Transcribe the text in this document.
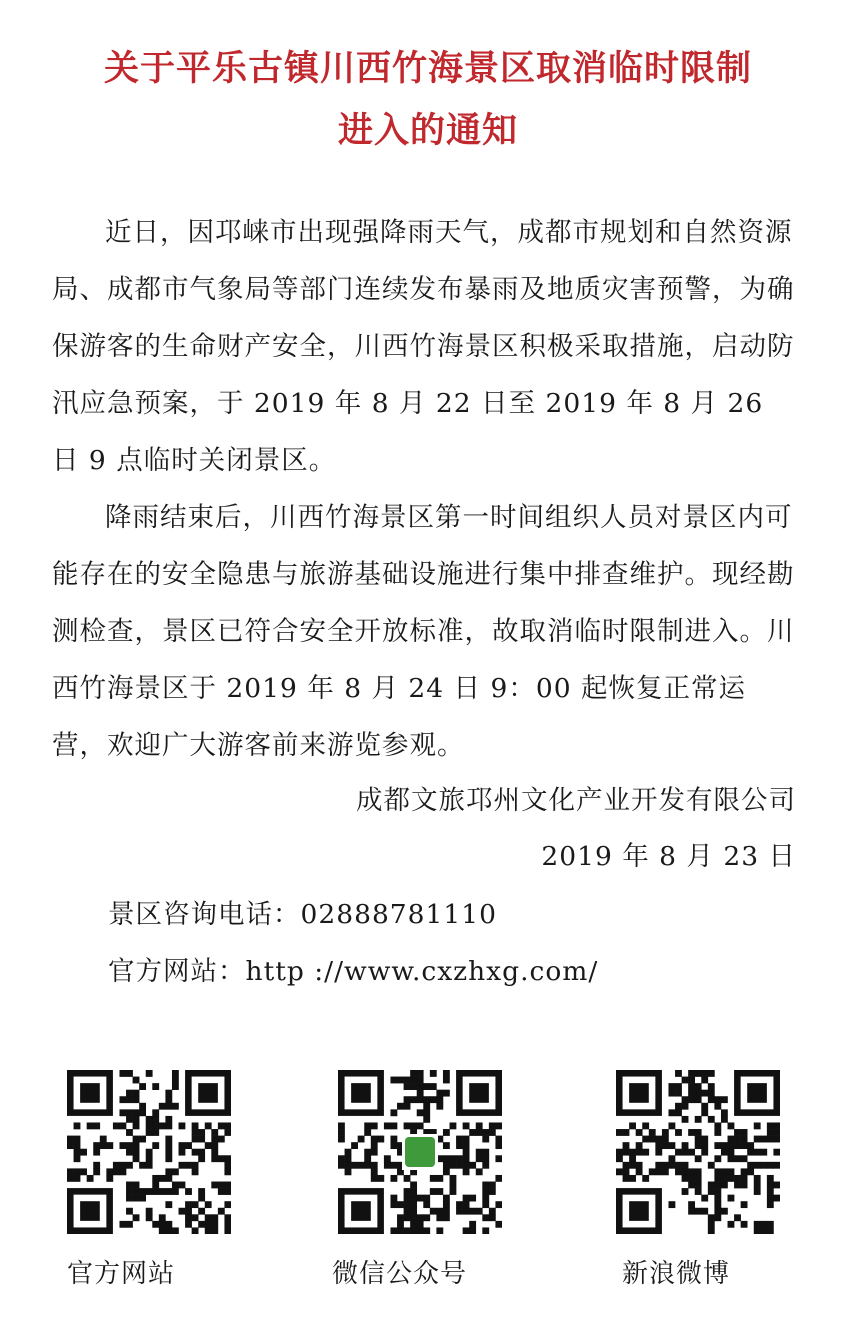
关于平乐古镇川西竹海景区取消临时限制
进入的通知

近日，因邛崃市出现强降雨天气，成都市规划和自然资源局、成都市气象局等部门连续发布暴雨及地质灾害预警，为确保游客的生命财产安全，川西竹海景区积极采取措施，启动防汛应急预案，于 2019 年 8 月 22 日至 2019 年 8 月 26 日 9 点临时关闭景区。

降雨结束后，川西竹海景区第一时间组织人员对景区内可能存在的安全隐患与旅游基础设施进行集中排查维护。现经勘测检查，景区已符合安全开放标准，故取消临时限制进入。川西竹海景区于 2019 年 8 月 24 日 9：00 起恢复正常运营，欢迎广大游客前来游览参观。

成都文旅邛州文化产业开发有限公司
2019 年 8 月 23 日
景区咨询电话：02888781110
官方网站：http ://www.cxzhxg.com/
官方网站	微信公众号	新浪微博
